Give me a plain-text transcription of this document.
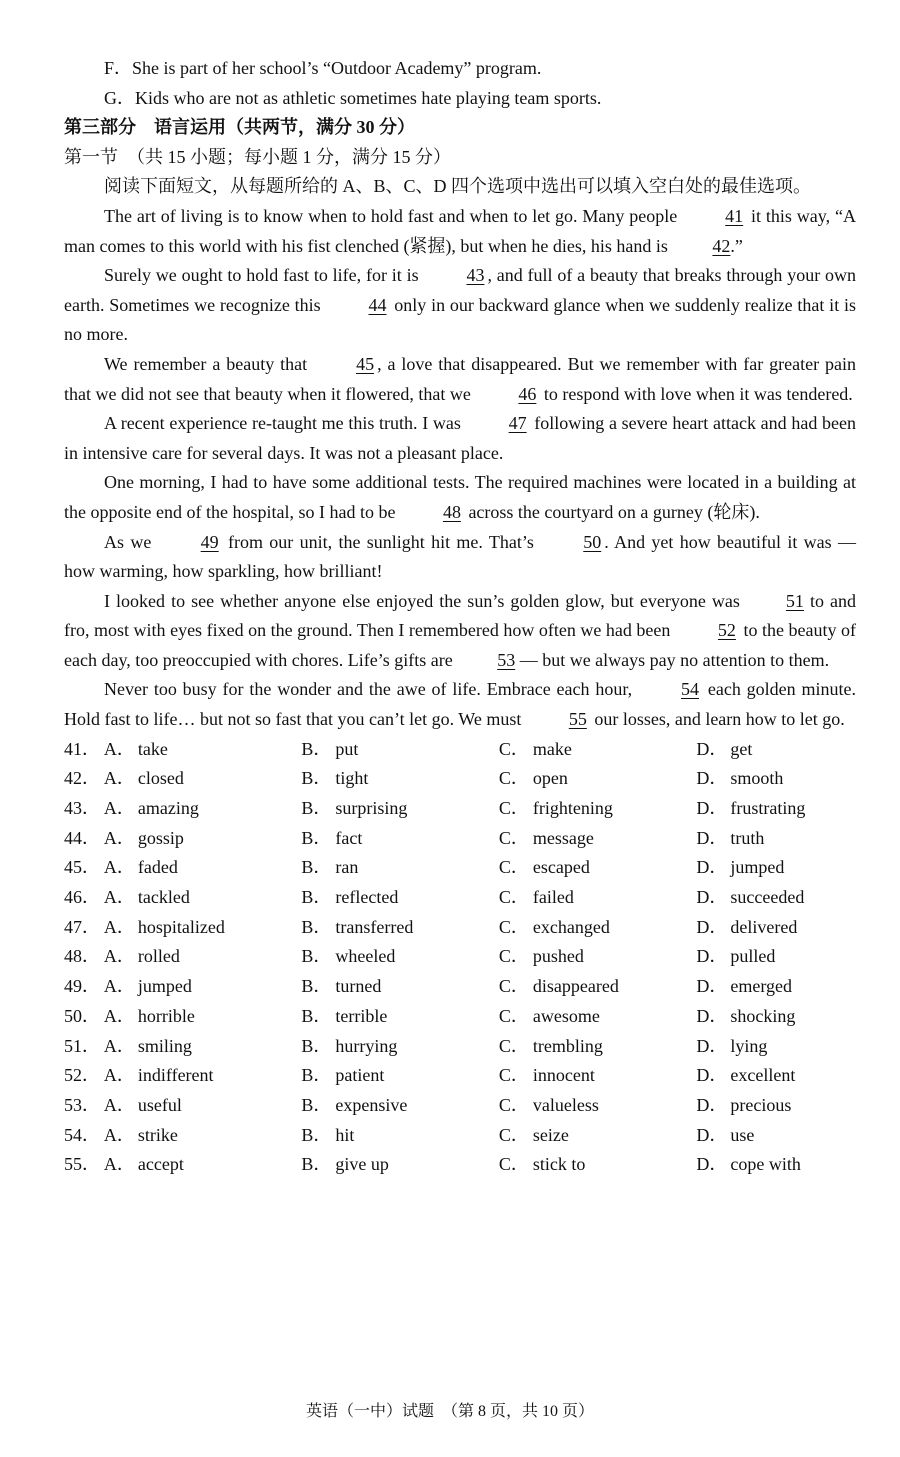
F．She is part of her school’s “Outdoor Academy” program.
G．Kids who are not as athletic sometimes hate playing team sports.
第三部分　语言运用（共两节，满分 30 分）
第一节　（共 15 小题；每小题 1 分，满分 15 分）
阅读下面短文，从每题所给的 A、B、C、D 四个选项中选出可以填入空白处的最佳选项。

The art of living is to know when to hold fast and when to let go. Many people 41 it this way, “A man comes to this world with his fist clenched (紧握), but when he dies, his hand is 42.”

Surely we ought to hold fast to life, for it is 43 , and full of a beauty that breaks through your own earth. Sometimes we recognize this 44 only in our backward glance when we suddenly realize that it is no more.

We remember a beauty that 45 , a love that disappeared. But we remember with far greater pain that we did not see that beauty when it flowered, that we 46 to respond with love when it was tendered.

A recent experience re-taught me this truth. I was 47 following a severe heart attack and had been in intensive care for several days. It was not a pleasant place.

One morning, I had to have some additional tests. The required machines were located in a building at the opposite end of the hospital, so I had to be 48 across the courtyard on a gurney (轮床).

As we 49 from our unit, the sunlight hit me. That’s 50 . And yet how beautiful it was — how warming, how sparkling, how brilliant!

I looked to see whether anyone else enjoyed the sun’s golden glow, but everyone was 51 to and fro, most with eyes fixed on the ground. Then I remembered how often we had been 52 to the beauty of each day, too preoccupied with chores. Life’s gifts are 53 — but we always pay no attention to them.

Never too busy for the wonder and the awe of life. Embrace each hour, 54 each golden minute. Hold fast to life… but not so fast that you can’t let go. We must 55 our losses, and learn how to let go.

41． A． take	B． put	C． make	D． get
42． A． closed	B． tight	C． open	D． smooth
43． A． amazing	B． surprising	C． frightening	D． frustrating
44． A． gossip	B． fact	C． message	D． truth
45． A． faded	B． ran	C． escaped	D． jumped
46． A． tackled	B． reflected	C． failed	D． succeeded
47． A． hospitalized	B． transferred	C． exchanged	D． delivered
48． A． rolled	B． wheeled	C． pushed	D． pulled
49． A． jumped	B． turned	C． disappeared	D． emerged
50． A． horrible	B． terrible	C． awesome	D． shocking
51． A． smiling	B． hurrying	C． trembling	D． lying
52． A． indifferent	B． patient	C． innocent	D． excellent
53． A． useful	B． expensive	C． valueless	D． precious
54． A． strike	B． hit	C． seize	D． use
55． A． accept	B． give up	C． stick to	D． cope with
英语（一中）试题　（第 8 页，共 10 页）
